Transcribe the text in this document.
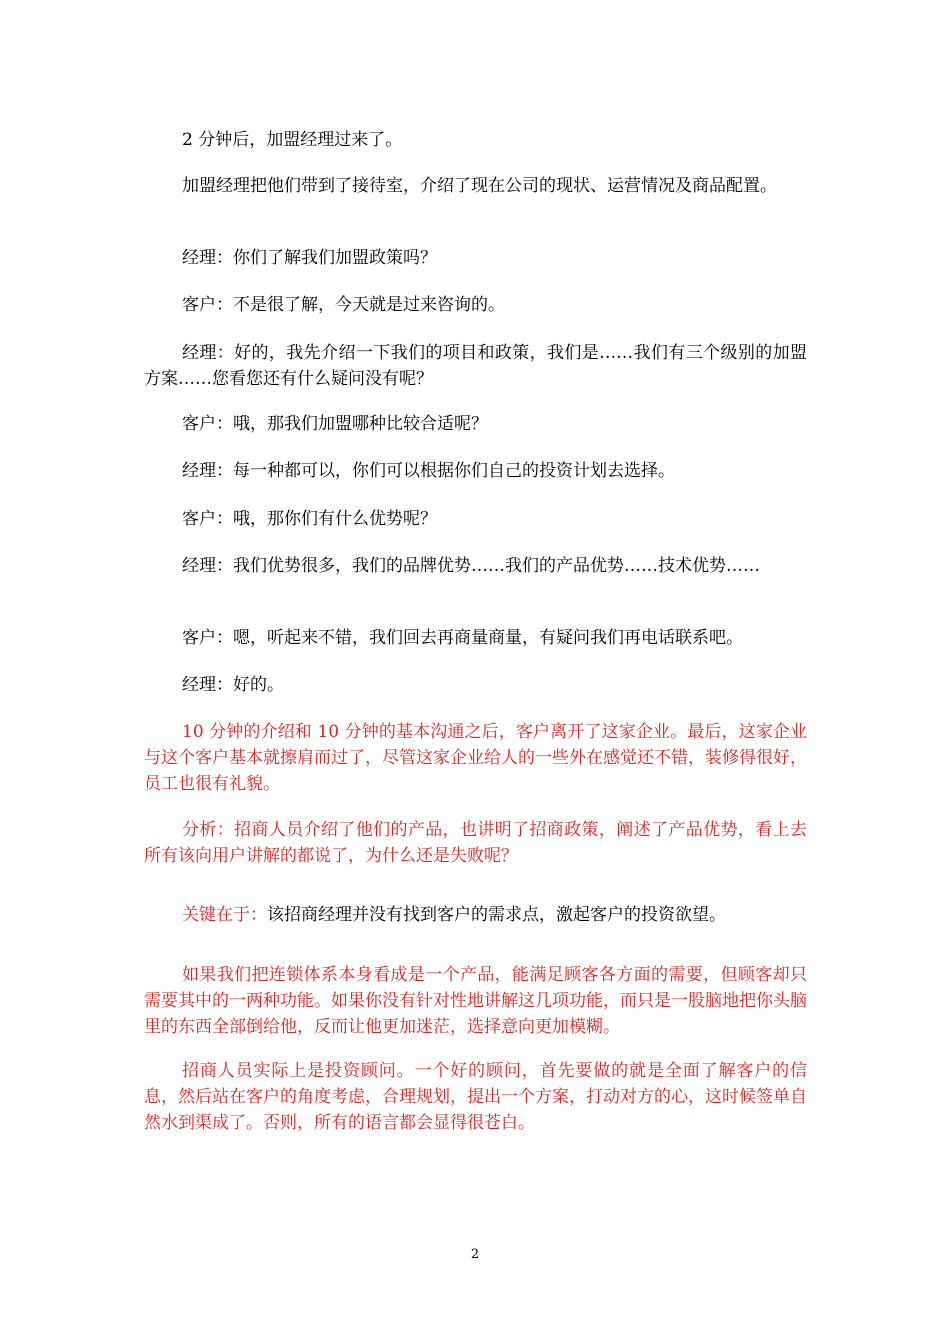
2 分钟后，加盟经理过来了。

加盟经理把他们带到了接待室，介绍了现在公司的现状、运营情况及商品配置。

经理：你们了解我们加盟政策吗？

客户：不是很了解，今天就是过来咨询的。

经理：好的，我先介绍一下我们的项目和政策，我们是……我们有三个级别的加盟方案……您看您还有什么疑问没有呢？

客户：哦，那我们加盟哪种比较合适呢？

经理：每一种都可以，你们可以根据你们自己的投资计划去选择。

客户：哦，那你们有什么优势呢？

经理：我们优势很多，我们的品牌优势……我们的产品优势……技术优势……

客户：嗯，听起来不错，我们回去再商量商量，有疑问我们再电话联系吧。

经理：好的。

10 分钟的介绍和 10 分钟的基本沟通之后，客户离开了这家企业。最后，这家企业与这个客户基本就擦肩而过了，尽管这家企业给人的一些外在感觉还不错，装修得很好，员工也很有礼貌。

分析：招商人员介绍了他们的产品，也讲明了招商政策，阐述了产品优势，看上去所有该向用户讲解的都说了，为什么还是失败呢？

关键在于：该招商经理并没有找到客户的需求点，激起客户的投资欲望。

如果我们把连锁体系本身看成是一个产品，能满足顾客各方面的需要，但顾客却只需要其中的一两种功能。如果你没有针对性地讲解这几项功能，而只是一股脑地把你头脑里的东西全部倒给他，反而让他更加迷茫，选择意向更加模糊。

招商人员实际上是投资顾问。一个好的顾问，首先要做的就是全面了解客户的信息，然后站在客户的角度考虑，合理规划，提出一个方案，打动对方的心，这时候签单自然水到渠成了。否则，所有的语言都会显得很苍白。

2
